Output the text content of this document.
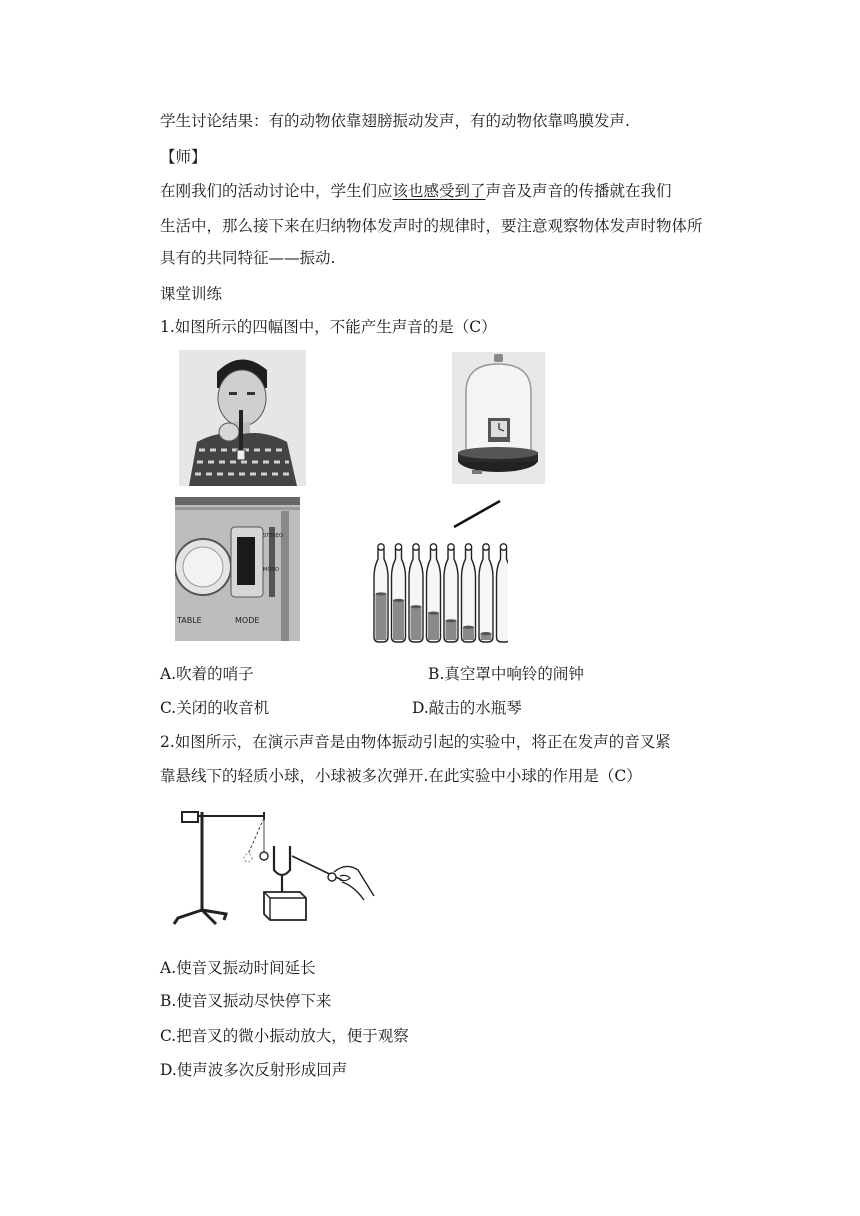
学生讨论结果：有的动物依靠翅膀振动发声，有的动物依靠鸣膜发声.
【师】
在刚我们的活动讨论中，学生们应该也感受到了声音及声音的传播就在我们
生活中，那么接下来在归纳物体发声时的规律时，要注意观察物体发声时物体所
具有的共同特征——振动.
课堂训练
1.如图所示的四幅图中，不能产生声音的是（C）
MODE
TABLE
STEREO
MONO
A.吹着的哨子	B.真空罩中响铃的闹钟
C.关闭的收音机	D.敲击的水瓶琴
2.如图所示，在演示声音是由物体振动引起的实验中，将正在发声的音叉紧
靠悬线下的轻质小球，小球被多次弹开.在此实验中小球的作用是（C）
A.使音叉振动时间延长
B.使音叉振动尽快停下来
C.把音叉的微小振动放大，便于观察
D.使声波多次反射形成回声
